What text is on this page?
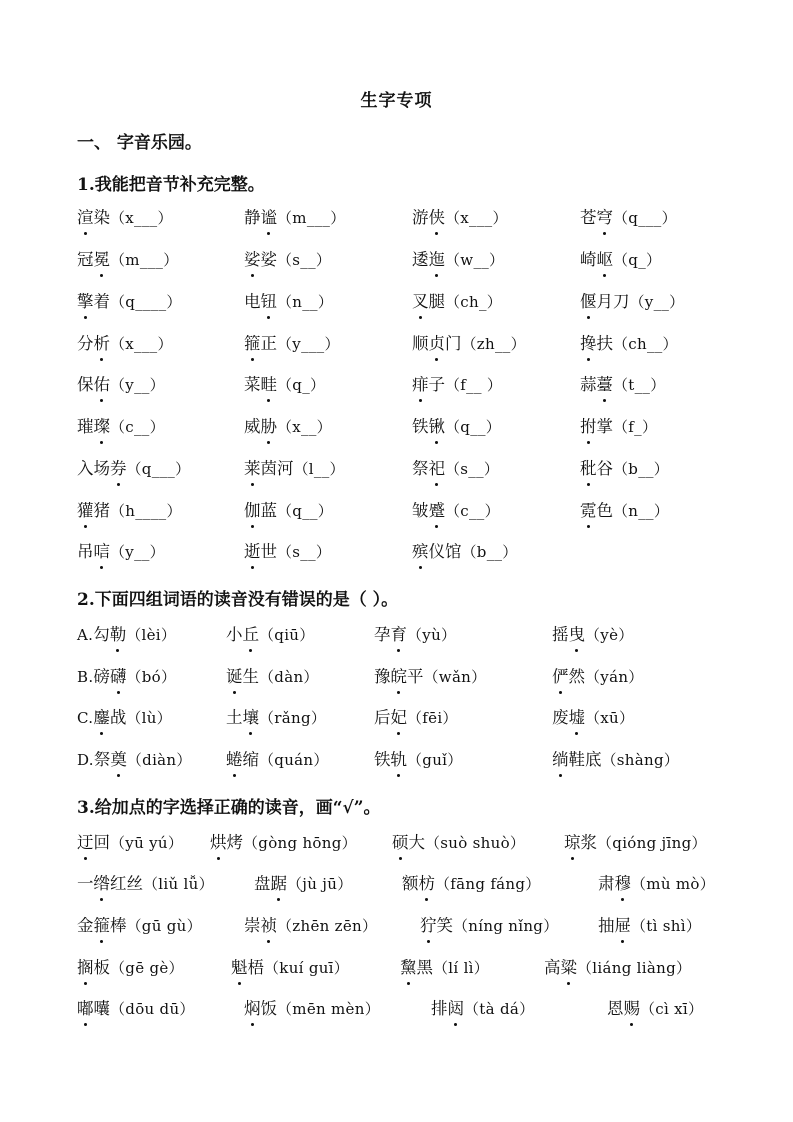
生字专项
一、 字音乐园。
1.我能把音节补充完整。
渲染（x___）	静谧（m___）	游侠（x___）	苍穹（q___）
冠冕（m___）	娑娑（s__）	逶迤（w__）	崎岖（q_）
擎着（q____）	电钮（n__）	叉腿（ch_）	偃月刀（y__）
分析（x___）	箍正（y___）	顺贞门（zh__）	搀扶（ch__）
保佑（y__）	菜畦（q_）	痱子（f__ ）	蒜薹（t__）
璀璨（c__）	威胁（x__）	铁锹（q__）	拊掌（f_）
入场券（q___）	莱茵河（l__）	祭祀（s__）	秕谷（b__）
獾猪（h____）	伽蓝（q__）	皱蹙（c__）	霓色（n__）
吊唁（y__）	逝世（s__）	殡仪馆（b__）
2.下面四组词语的读音没有错误的是（ ）。
A.勾勒（lèi）	小丘（qiū）	孕育（yù）	摇曳（yè）
B.磅礴（bó）	诞生（dàn）	豫皖平（wǎn）	俨然（yán）
C.鏖战（lù）	土壤（rǎng）	后妃（fēi）	废墟（xū）
D.祭奠（diàn） 蜷缩（quán）	铁轨（guǐ）	绱鞋底（shàng）
3.给加点的字选择正确的读音，画“√”。
迂回（yū yú） 烘烤（gòng hōng） 硕大（suò shuò） 琼浆（qióng jīng）
一绺红丝（liǔ lǚ） 盘踞（jù jū）	额枋（fāng fáng）	肃穆（mù mò）
金箍棒（gū gù）	崇祯（zhēn zēn）	狞笑（níng nǐng） 抽屉（tì shì）
搁板（gē gè）	魁梧（kuí guī）	黧黑（lí lì）	高粱（liáng liàng）
嘟囔（dōu dū）	焖饭（mēn mèn）	排闼（tà dá）	恩赐（cì xī）
